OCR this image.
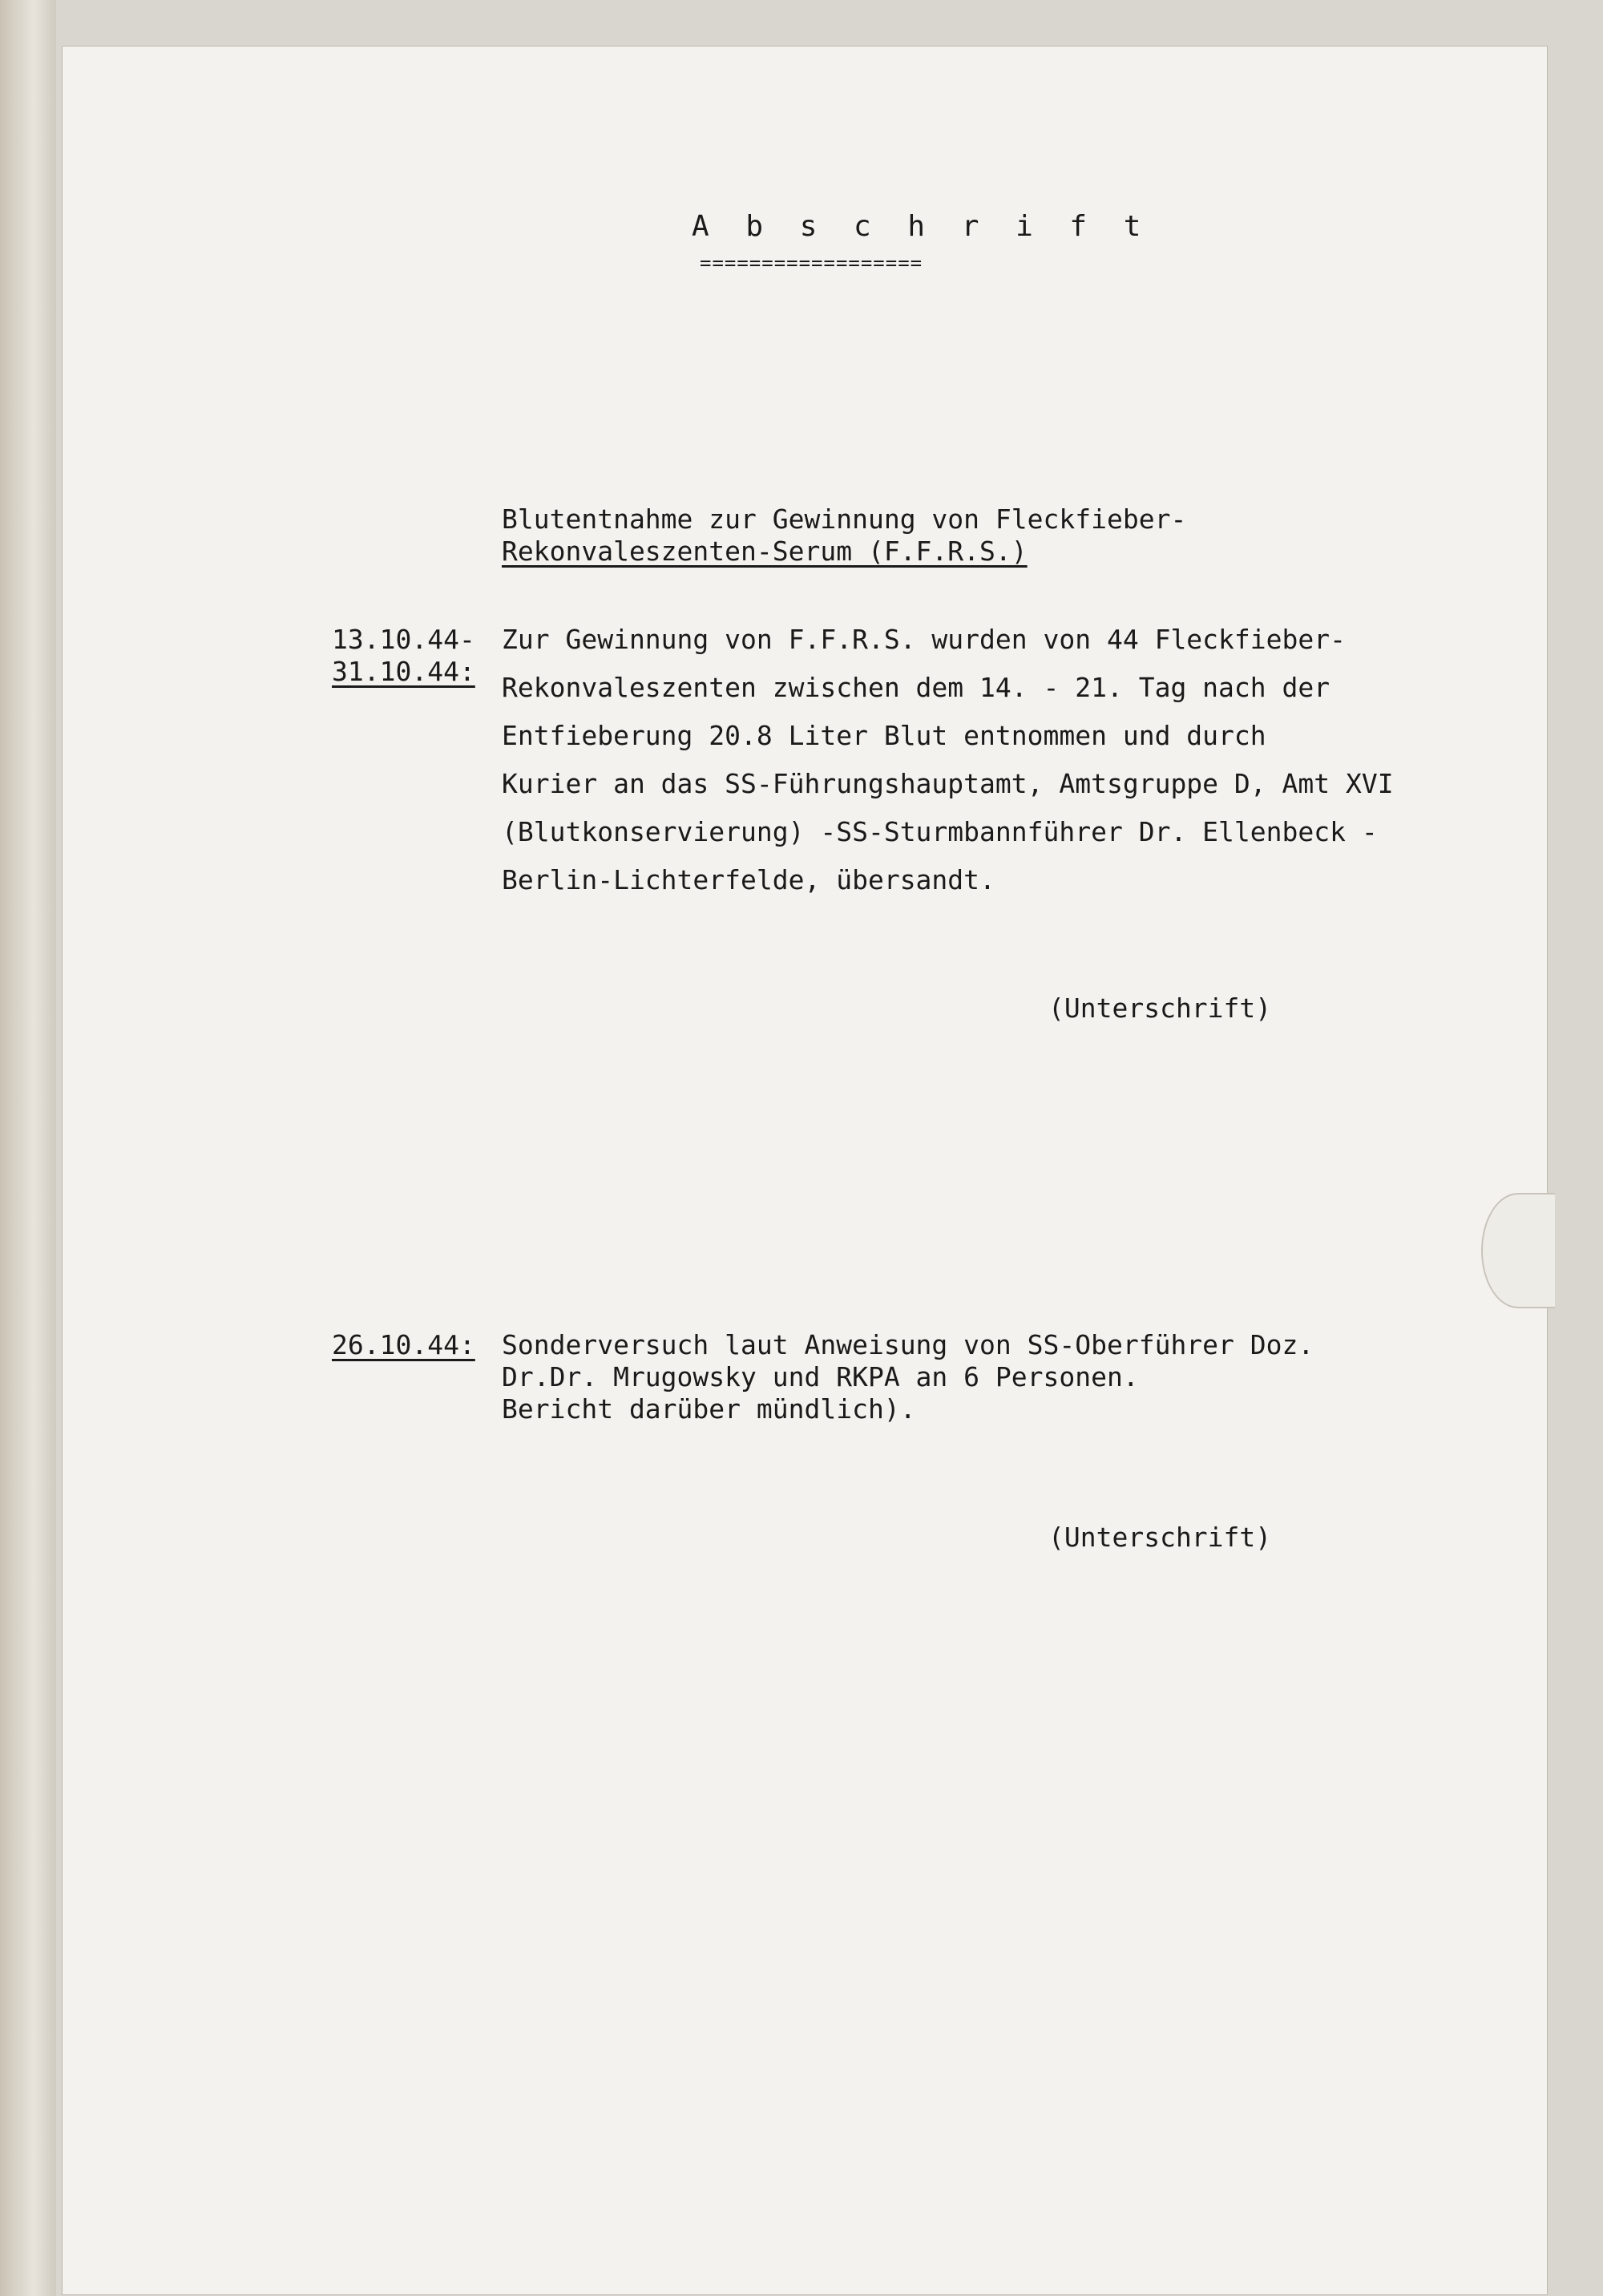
A b s c h r i f t
==================
Blutentnahme zur Gewinnung von Fleckfieber-
Rekonvaleszenten-Serum (F.F.R.S.)
13.10.44-
31.10.44:
Zur Gewinnung von F.F.R.S. wurden von 44 Fleckfieber-
Rekonvaleszenten zwischen dem 14. - 21. Tag nach der
Entfieberung 20.8 Liter Blut entnommen und durch
Kurier an das SS-Führungshauptamt, Amtsgruppe D, Amt XVI
(Blutkonservierung) -SS-Sturmbannführer Dr. Ellenbeck -
Berlin-Lichterfelde, übersandt.
(Unterschrift)
26.10.44: Sonderversuch laut Anweisung von SS-Oberführer Doz.
Dr.Dr. Mrugowsky und RKPA an 6 Personen.
Bericht darüber mündlich).
(Unterschrift)
